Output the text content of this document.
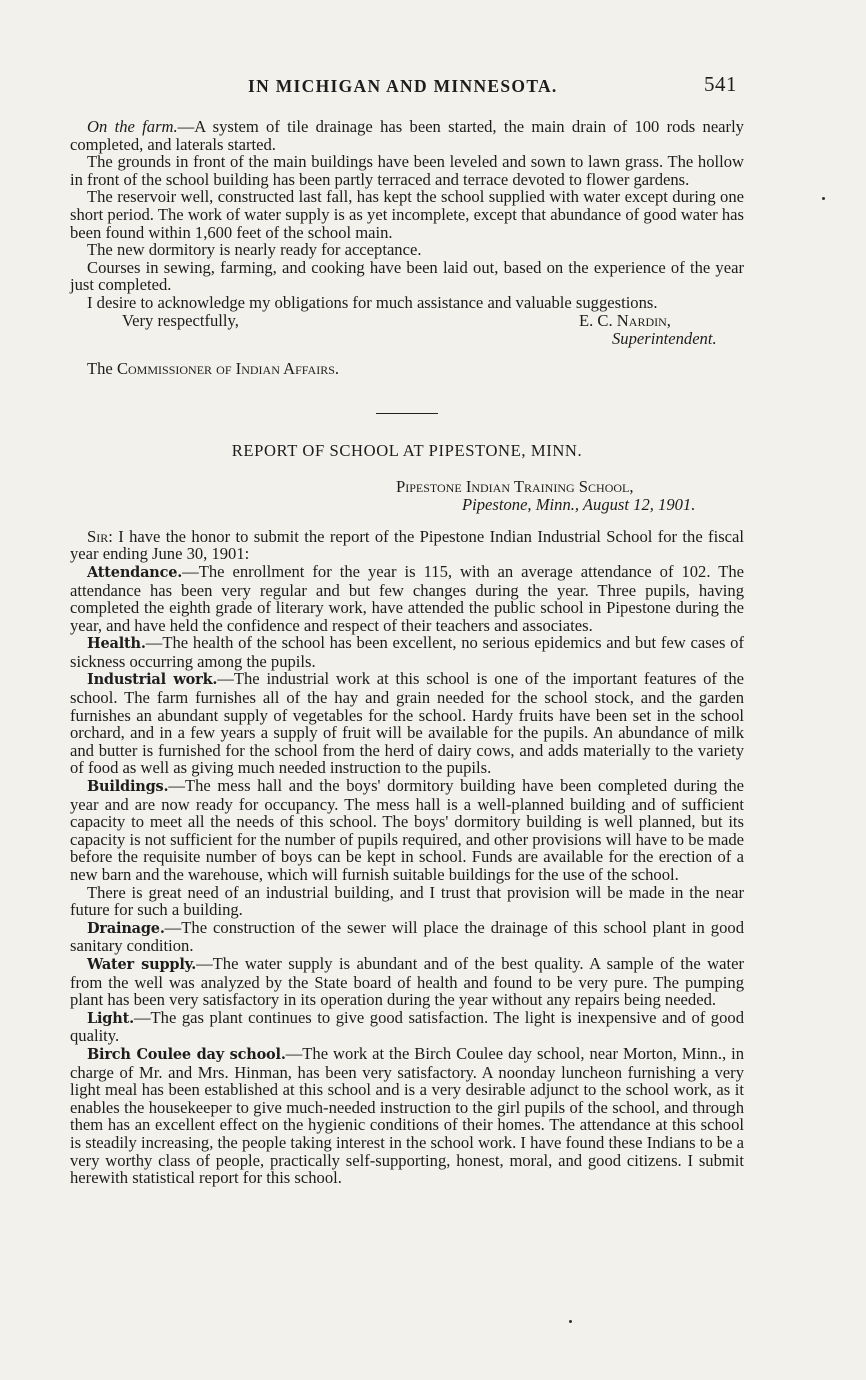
IN MICHIGAN AND MINNESOTA.	541

On the farm.—A system of tile drainage has been started, the main drain of 100 rods nearly completed, and laterals started.

The grounds in front of the main buildings have been leveled and sown to lawn grass. The hollow in front of the school building has been partly terraced and terrace devoted to flower gardens.

The reservoir well, constructed last fall, has kept the school supplied with water except during one short period. The work of water supply is as yet incomplete, except that abundance of good water has been found within 1,600 feet of the school main.

The new dormitory is nearly ready for acceptance.

Courses in sewing, farming, and cooking have been laid out, based on the experience of the year just completed.

I desire to acknowledge my obligations for much assistance and valuable suggestions.

Very respectfully,	E. C. Nardin,
Superintendent.

The Commissioner of Indian Affairs.

REPORT OF SCHOOL AT PIPESTONE, MINN.
Pipestone Indian Training School,
Pipestone, Minn., August 12, 1901.

Sir: I have the honor to submit the report of the Pipestone Indian Industrial School for the fiscal year ending June 30, 1901:

Attendance.—The enrollment for the year is 115, with an average attendance of 102. The attendance has been very regular and but few changes during the year. Three pupils, having completed the eighth grade of literary work, have attended the public school in Pipestone during the year, and have held the confidence and respect of their teachers and associates.

Health.—The health of the school has been excellent, no serious epidemics and but few cases of sickness occurring among the pupils.

Industrial work.—The industrial work at this school is one of the important features of the school. The farm furnishes all of the hay and grain needed for the school stock, and the garden furnishes an abundant supply of vegetables for the school. Hardy fruits have been set in the school orchard, and in a few years a supply of fruit will be available for the pupils. An abundance of milk and butter is furnished for the school from the herd of dairy cows, and adds materially to the variety of food as well as giving much needed instruction to the pupils.

Buildings.—The mess hall and the boys' dormitory building have been completed during the year and are now ready for occupancy. The mess hall is a well-planned building and of sufficient capacity to meet all the needs of this school. The boys' dormitory building is well planned, but its capacity is not sufficient for the number of pupils required, and other provisions will have to be made before the requisite number of boys can be kept in school. Funds are available for the erection of a new barn and the warehouse, which will furnish suitable buildings for the use of the school.

There is great need of an industrial building, and I trust that provision will be made in the near future for such a building.

Drainage.—The construction of the sewer will place the drainage of this school plant in good sanitary condition.

Water supply.—The water supply is abundant and of the best quality. A sample of the water from the well was analyzed by the State board of health and found to be very pure. The pumping plant has been very satisfactory in its operation during the year without any repairs being needed.

Light.—The gas plant continues to give good satisfaction. The light is inexpensive and of good quality.

Birch Coulee day school.—The work at the Birch Coulee day school, near Morton, Minn., in charge of Mr. and Mrs. Hinman, has been very satisfactory. A noonday luncheon furnishing a very light meal has been established at this school and is a very desirable adjunct to the school work, as it enables the housekeeper to give much-needed instruction to the girl pupils of the school, and through them has an excellent effect on the hygienic conditions of their homes. The attendance at this school is steadily increasing, the people taking interest in the school work. I have found these Indians to be a very worthy class of people, practically self-supporting, honest, moral, and good citizens. I submit herewith statistical report for this school.
